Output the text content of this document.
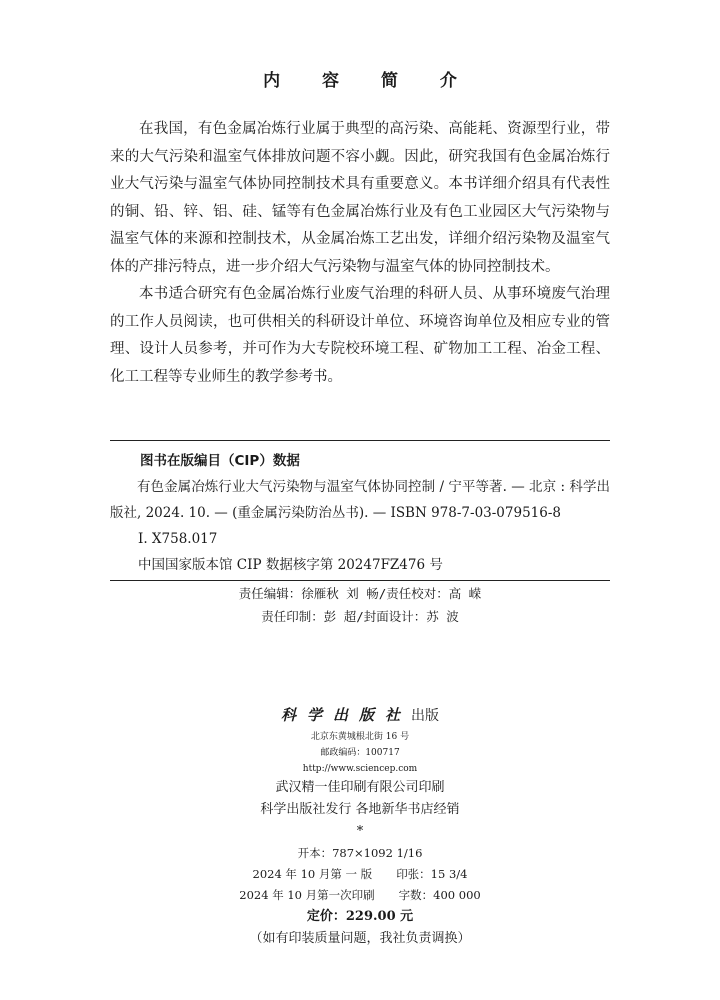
内 容 简 介

在我国，有色金属冶炼行业属于典型的高污染、高能耗、资源型行业，带来的大气污染和温室气体排放问题不容小觑。因此，研究我国有色金属冶炼行业大气污染与温室气体协同控制技术具有重要意义。本书详细介绍具有代表性的铜、铅、锌、铝、硅、锰等有色金属冶炼行业及有色工业园区大气污染物与温室气体的来源和控制技术，从金属冶炼工艺出发，详细介绍污染物及温室气体的产排污特点，进一步介绍大气污染物与温室气体的协同控制技术。

本书适合研究有色金属冶炼行业废气治理的科研人员、从事环境废气治理的工作人员阅读，也可供相关的科研设计单位、环境咨询单位及相应专业的管理、设计人员参考，并可作为大专院校环境工程、矿物加工工程、冶金工程、化工工程等专业师生的教学参考书。

图书在版编目（CIP）数据
有色金属冶炼行业大气污染物与温室气体协同控制 / 宁平等著. — 北京 : 科学出版社, 2024. 10. — (重金属污染防治丛书). — ISBN 978-7-03-079516-8
I. X758.017
中国国家版本馆 CIP 数据核字第 20247FZ476 号
责任编辑：徐雁秋 刘 畅/责任校对：高 嵘
责任印制：彭 超/封面设计：苏 波
科学出版社出版
北京东黄城根北街 16 号
邮政编码：100717
http://www.sciencep.com
武汉精一佳印刷有限公司印刷
科学出版社发行 各地新华书店经销
*
开本：787×1092 1/16
2024 年 10 月第 一 版 印张：15 3/4
2024 年 10 月第一次印刷 字数：400 000
定价：229.00 元
（如有印装质量问题，我社负责调换）
